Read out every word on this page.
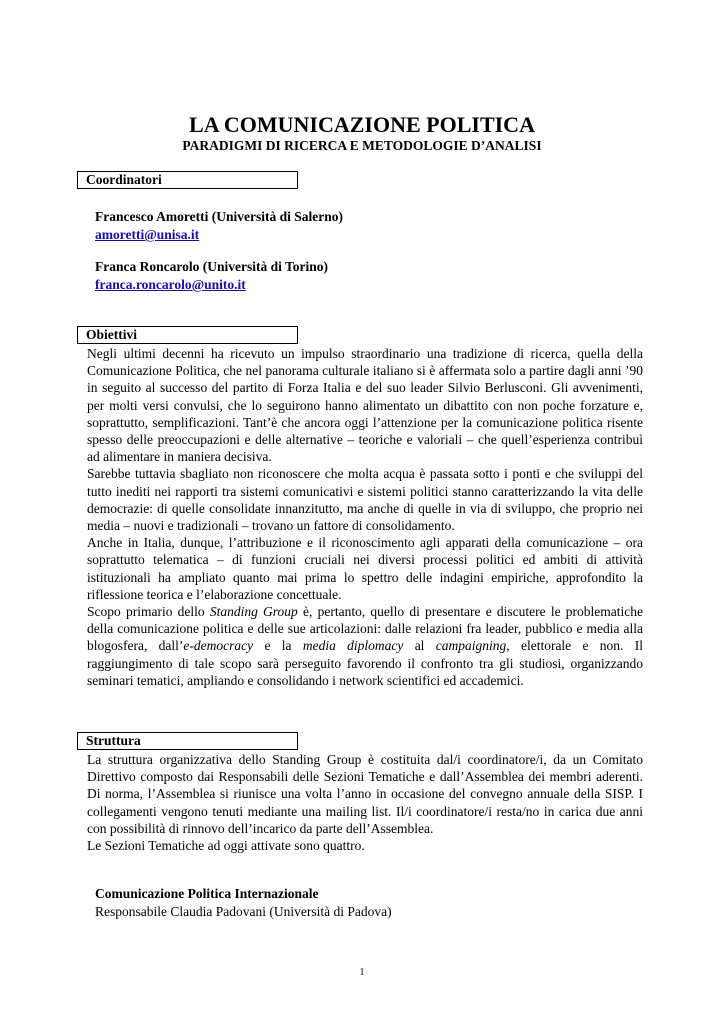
LA COMUNICAZIONE POLITICA
PARADIGMI DI RICERCA E METODOLOGIE D’ANALISI
Coordinatori
Francesco Amoretti (Università di Salerno)
amoretti@unisa.it
Franca Roncarolo (Università di Torino)
franca.roncarolo@unito.it
Obiettivi

Negli ultimi decenni ha ricevuto un impulso straordinario una tradizione di ricerca, quella della Comunicazione Politica, che nel panorama culturale italiano si è affermata solo a partire dagli anni ’90 in seguito al successo del partito di Forza Italia e del suo leader Silvio Berlusconi. Gli avvenimenti, per molti versi convulsi, che lo seguirono hanno alimentato un dibattito con non poche forzature e, soprattutto, semplificazioni. Tant’è che ancora oggi l’attenzione per la comunicazione politica risente spesso delle preoccupazioni e delle alternative – teoriche e valoriali – che quell’esperienza contribuì ad alimentare in maniera decisiva.

Sarebbe tuttavia sbagliato non riconoscere che molta acqua è passata sotto i ponti e che sviluppi del tutto inediti nei rapporti tra sistemi comunicativi e sistemi politici stanno caratterizzando la vita delle democrazie: di quelle consolidate innanzitutto, ma anche di quelle in via di sviluppo, che proprio nei media – nuovi e tradizionali – trovano un fattore di consolidamento.

Anche in Italia, dunque, l’attribuzione e il riconoscimento agli apparati della comunicazione – ora soprattutto telematica – di funzioni cruciali nei diversi processi politici ed ambiti di attività istituzionali ha ampliato quanto mai prima lo spettro delle indagini empiriche, approfondito la riflessione teorica e l’elaborazione concettuale.

Scopo primario dello Standing Group è, pertanto, quello di presentare e discutere le problematiche della comunicazione politica e delle sue articolazioni: dalle relazioni fra leader, pubblico e media alla blogosfera, dall’e-democracy e la media diplomacy al campaigning, elettorale e non. Il raggiungimento di tale scopo sarà perseguito favorendo il confronto tra gli studiosi, organizzando seminari tematici, ampliando e consolidando i network scientifici ed accademici.

Struttura

La struttura organizzativa dello Standing Group è costituita dal/i coordinatore/i, da un Comitato Direttivo composto dai Responsabili delle Sezioni Tematiche e dall’Assemblea dei membri aderenti. Di norma, l’Assemblea si riunisce una volta l’anno in occasione del convegno annuale della SISP. I collegamenti vengono tenuti mediante una mailing list. Il/i coordinatore/i resta/no in carica due anni con possibilità di rinnovo dell’incarico da parte dell’Assemblea.

Le Sezioni Tematiche ad oggi attivate sono quattro.

Comunicazione Politica Internazionale
Responsabile Claudia Padovani (Università di Padova)
1
